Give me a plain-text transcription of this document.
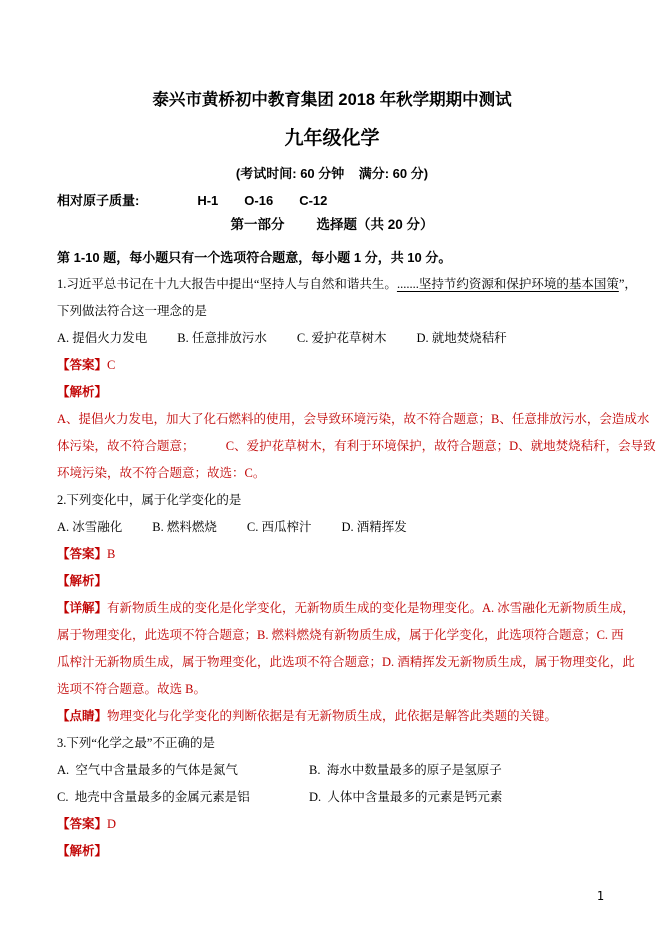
泰兴市黄桥初中教育集团 2018 年秋学期期中测试
九年级化学
(考试时间: 60 分钟    满分: 60 分)
相对原子质量:	H-1 O-16 C-12
第一部分 选择题（共 20 分）
第 1-10 题，每小题只有一个选项符合题意，每小题 1 分，共 10 分。
1.习近平总书记在十九大报告中提出“坚持人与自然和谐共生。.......坚持节约资源和保护环境的基本国策”，
下列做法符合这一理念的是
A. 提倡火力发电 B. 任意排放污水 C. 爱护花草树木 D. 就地焚烧秸秆
【答案】C
【解析】
A、提倡火力发电，加大了化石燃料的使用，会导致环境污染，故不符合题意；B、任意排放污水，会造成水
体污染，故不符合题意；　　　C、爱护花草树木，有利于环境保护，故符合题意；D、就地焚烧秸秆，会导致
环境污染，故不符合题意；故选：C。
2.下列变化中，属于化学变化的是
A. 冰雪融化 B. 燃料燃烧 C. 西瓜榨汁 D. 酒精挥发
【答案】B
【解析】
【详解】有新物质生成的变化是化学变化，无新物质生成的变化是物理变化。A. 冰雪融化无新物质生成，
属于物理变化，此选项不符合题意；B. 燃料燃烧有新物质生成，属于化学变化，此选项符合题意；C. 西
瓜榨汁无新物质生成，属于物理变化，此选项不符合题意；D. 酒精挥发无新物质生成，属于物理变化，此
选项不符合题意。故选 B。
【点睛】物理变化与化学变化的判断依据是有无新物质生成，此依据是解答此类题的关键。
3.下列“化学之最”不正确的是
A.  空气中含量最多的气体是氮气	B.  海水中数量最多的原子是氢原子
C.  地壳中含量最多的金属元素是铝	D.  人体中含量最多的元素是钙元素
【答案】D
【解析】
1
